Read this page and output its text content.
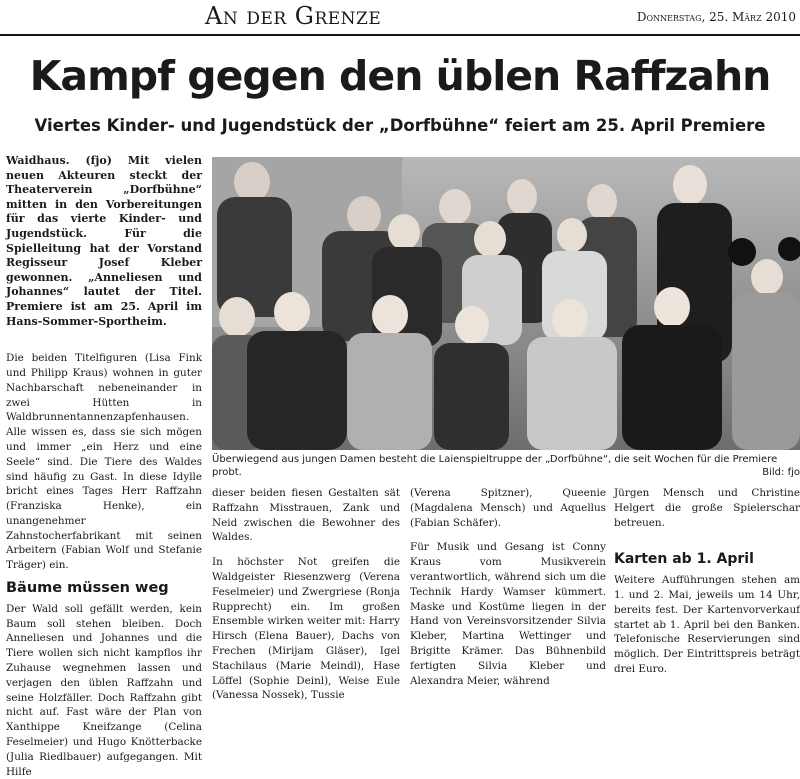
An der Grenze	Donnerstag, 25. März 2010
Kampf gegen den üblen Raffzahn
Viertes Kinder- und Jugendstück der „Dorfbühne“ feiert am 25. April Premiere

Waidhaus. (fjo) Mit vielen neuen Akteuren steckt der Theaterverein „Dorfbühne“ mitten in den Vorbereitungen für das vierte Kinder- und Jugendstück. Für die Spielleitung hat der Vorstand Regisseur Josef Kleber gewonnen. „Anneliesen und Johannes“ lautet der Titel. Premiere ist am 25. April im Hans-Sommer-Sportheim.

Die beiden Titelfiguren (Lisa Fink und Philipp Kraus) wohnen in guter Nachbarschaft nebeneinander in zwei Hütten in Waldbrunnentannenzapfenhausen. Alle wissen es, dass sie sich mögen und immer „ein Herz und eine Seele“ sind. Die Tiere des Waldes sind häufig zu Gast. In diese Idylle bricht eines Tages Herr Raffzahn (Franziska Henke), ein unangenehmer Zahnstocherfabrikant mit seinen Arbeitern (Fabian Wolf und Stefanie Träger) ein.

Bäume müssen weg

Der Wald soll gefällt werden, kein Baum soll stehen bleiben. Doch Anneliesen und Johannes und die Tiere wollen sich nicht kampflos ihr Zuhause wegnehmen lassen und verjagen den üblen Raffzahn und seine Holzfäller. Doch Raffzahn gibt nicht auf. Fast wäre der Plan von Xanthippe Kneifzange (Celina Feselmeier) und Hugo Knötterbacke (Julia Riedlbauer) aufgegangen. Mit Hilfe

Überwiegend aus jungen Damen besteht die Laienspieltruppe der „Dorfbühne“, die seit Wochen für die Premiere probt.	Bild: fjo

dieser beiden fiesen Gestalten sät Raffzahn Misstrauen, Zank und Neid zwischen die Bewohner des Waldes.

In höchster Not greifen die Waldgeister Riesenzwerg (Verena Feselmeier) und Zwergriese (Ronja Rupprecht) ein. Im großen Ensemble wirken weiter mit: Harry Hirsch (Elena Bauer), Dachs von Frechen (Mirijam Gläser), Igel Stachilaus (Marie Meindl), Hase Löffel (Sophie Deinl), Weise Eule (Vanessa Nossek), Tussie

(Verena Spitzner), Queenie (Magdalena Mensch) und Aquellus (Fabian Schäfer).

Für Musik und Gesang ist Conny Kraus vom Musikverein verantwortlich, während sich um die Technik Hardy Wamser kümmert. Maske und Kostüme liegen in der Hand von Vereinsvorsitzender Silvia Kleber, Martina Wettinger und Brigitte Krämer. Das Bühnenbild fertigten Silvia Kleber und Alexandra Meier, während

Jürgen Mensch und Christine Helgert die große Spielerschar betreuen.

Karten ab 1. April

Weitere Aufführungen stehen am 1. und 2. Mai, jeweils um 14 Uhr, bereits fest. Der Kartenvorverkauf startet ab 1. April bei den Banken. Telefonische Reservierungen sind möglich. Der Eintrittspreis beträgt drei Euro.
